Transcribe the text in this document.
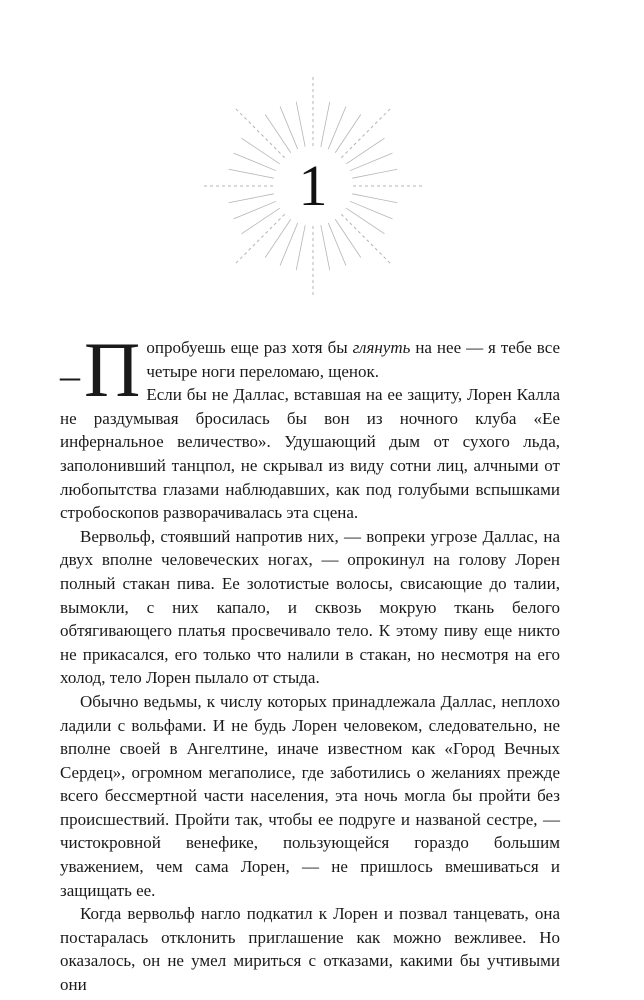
1

– П опробуешь еще раз хотя бы глянуть на нее — я тебе все четыре ноги переломаю, щенок.
Если бы не Даллас, вставшая на ее защиту, Лорен Калла не раздумывая бросилась бы вон из ночного клуба «Ее инфернальное величество». Удушающий дым от сухого льда, заполонивший танцпол, не скрывал из виду сотни лиц, алчными от любопытства глазами наблюдавших, как под голубыми вспышками стробоскопов разворачивалась эта сцена.

Вервольф, стоявший напротив них, — вопреки угрозе Даллас, на двух вполне человеческих ногах, — опрокинул на голову Лорен полный стакан пива. Ее золотистые волосы, свисающие до талии, вымокли, с них капало, и сквозь мокрую ткань белого обтягивающего платья просвечивало тело. К этому пиву еще никто не прикасался, его только что налили в стакан, но несмотря на его холод, тело Лорен пылало от стыда.

Обычно ведьмы, к числу которых принадлежала Даллас, неплохо ладили с вольфами. И не будь Лорен человеком, следовательно, не вполне своей в Ангелтине, иначе известном как «Город Вечных Сердец», огромном мегаполисе, где заботились о желаниях прежде всего бессмертной части населения, эта ночь могла бы пройти без происшествий. Пройти так, чтобы ее подруге и названой сестре, — чистокровной венефике, пользующейся гораздо большим уважением, чем сама Лорен, — не пришлось вмешиваться и защищать ее.

Когда вервольф нагло подкатил к Лорен и позвал танцевать, она постаралась отклонить приглашение как можно вежливее. Но оказалось, он не умел мириться с отказами, какими бы учтивыми они
